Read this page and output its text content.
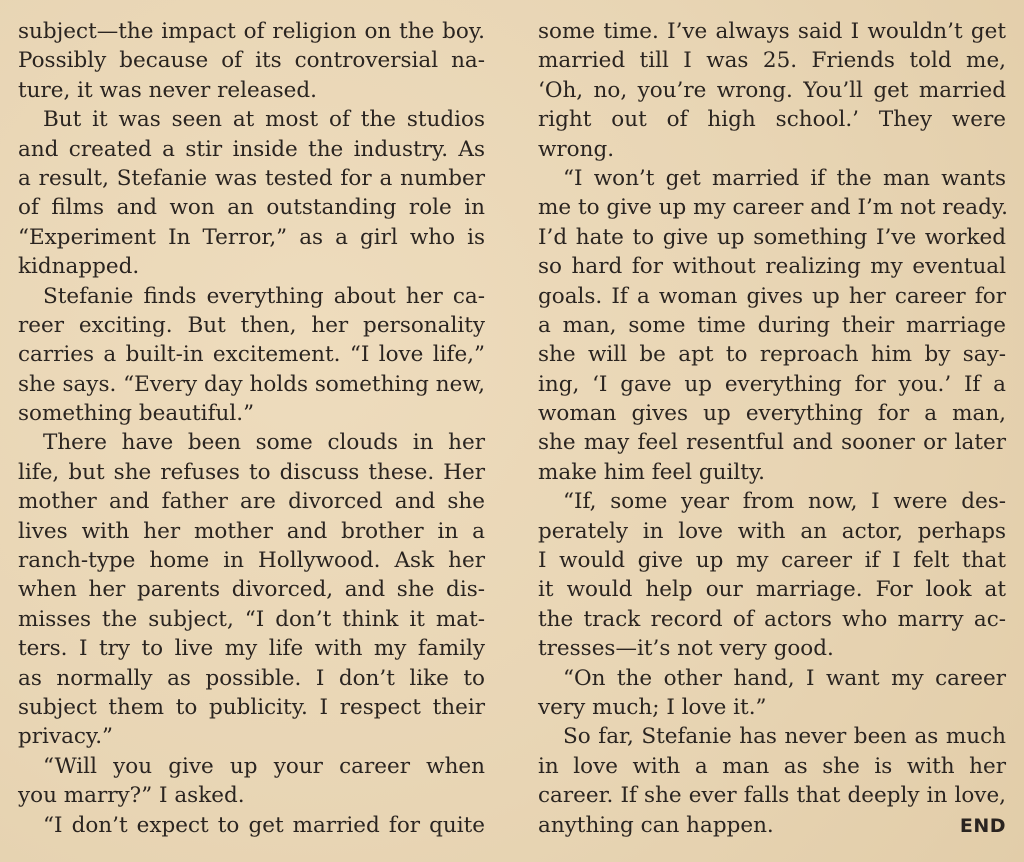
subject—the impact of religion on the boy.
Possibly because of its controversial na-
ture, it was never released.
But it was seen at most of the studios
and created a stir inside the industry. As
a result, Stefanie was tested for a number
of films and won an outstanding role in
“Experiment In Terror,” as a girl who is
kidnapped.
Stefanie finds everything about her ca-
reer exciting. But then, her personality
carries a built-in excitement. “I love life,”
she says. “Every day holds something new,
something beautiful.”
There have been some clouds in her
life, but she refuses to discuss these. Her
mother and father are divorced and she
lives with her mother and brother in a
ranch-type home in Hollywood. Ask her
when her parents divorced, and she dis-
misses the subject, “I don’t think it mat-
ters. I try to live my life with my family
as normally as possible. I don’t like to
subject them to publicity. I respect their
privacy.”
“Will you give up your career when
you marry?” I asked.
“I don’t expect to get married for quite
some time. I’ve always said I wouldn’t get
married till I was 25. Friends told me,
‘Oh, no, you’re wrong. You’ll get married
right out of high school.’ They were
wrong.
“I won’t get married if the man wants
me to give up my career and I’m not ready.
I’d hate to give up something I’ve worked
so hard for without realizing my eventual
goals. If a woman gives up her career for
a man, some time during their marriage
she will be apt to reproach him by say-
ing, ‘I gave up everything for you.’ If a
woman gives up everything for a man,
she may feel resentful and sooner or later
make him feel guilty.
“If, some year from now, I were des-
perately in love with an actor, perhaps
I would give up my career if I felt that
it would help our marriage. For look at
the track record of actors who marry ac-
tresses—it’s not very good.
“On the other hand, I want my career
very much; I love it.”
So far, Stefanie has never been as much
in love with a man as she is with her
career. If she ever falls that deeply in love,
anything can happen.	END
